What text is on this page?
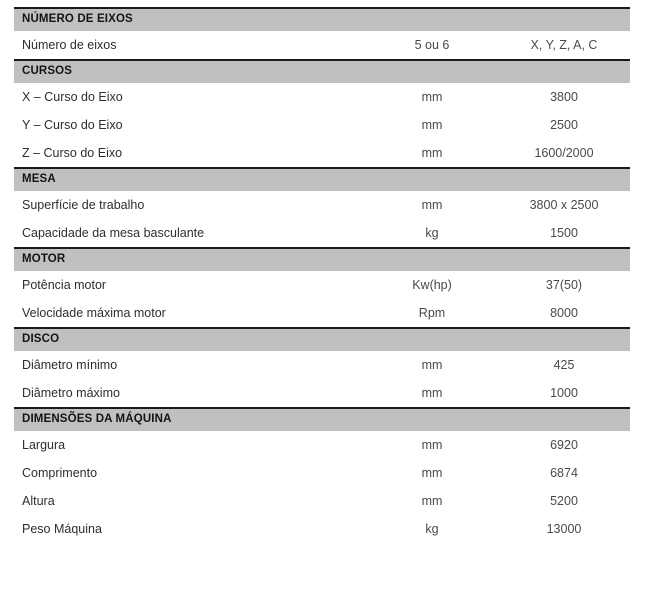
NÚMERO DE EIXOS
Número de eixos	5 ou 6	X, Y, Z, A, C
CURSOS
X – Curso do Eixo	mm	3800
Y – Curso do Eixo	mm	2500
Z – Curso do Eixo	mm	1600/2000
MESA
Superfície de trabalho	mm	3800 x 2500
Capacidade da mesa basculante	kg	1500
MOTOR
Potência motor	Kw(hp)	37(50)
Velocidade máxima motor	Rpm	8000
DISCO
Diâmetro mínimo	mm	425
Diâmetro máximo	mm	1000
DIMENSÕES DA MÁQUINA
Largura	mm	6920
Comprimento	mm	6874
Altura	mm	5200
Peso Máquina	kg	13000
